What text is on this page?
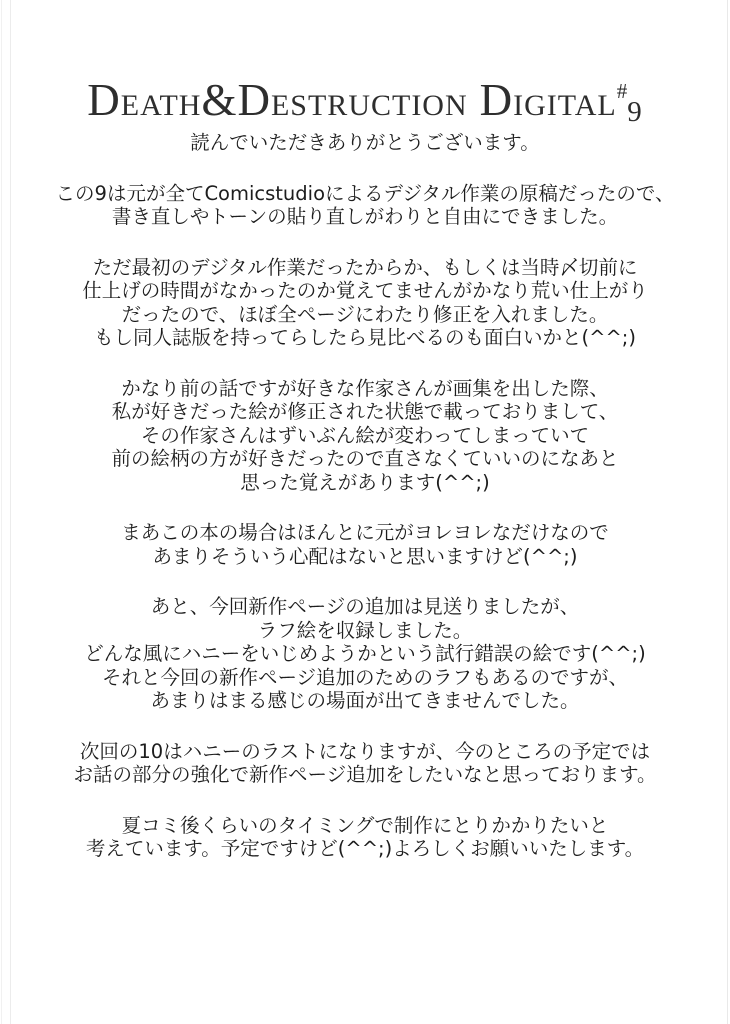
DEATH&DESTRUCTION DIGITAL#9
読んでいただきありがとうございます。
この9は元が全てComicstudioによるデジタル作業の原稿だったので、
書き直しやトーンの貼り直しがわりと自由にできました。
ただ最初のデジタル作業だったからか、もしくは当時〆切前に
仕上げの時間がなかったのか覚えてませんがかなり荒い仕上がり
だったので、ほぼ全ページにわたり修正を入れました。
もし同人誌版を持ってらしたら見比べるのも面白いかと(^^;)
かなり前の話ですが好きな作家さんが画集を出した際、
私が好きだった絵が修正された状態で載っておりまして、
その作家さんはずいぶん絵が変わってしまっていて
前の絵柄の方が好きだったので直さなくていいのになあと
思った覚えがあります(^^;)
まあこの本の場合はほんとに元がヨレヨレなだけなので
あまりそういう心配はないと思いますけど(^^;)
あと、今回新作ページの追加は見送りましたが、
ラフ絵を収録しました。
どんな風にハニーをいじめようかという試行錯誤の絵です(^^;)
それと今回の新作ページ追加のためのラフもあるのですが、
あまりはまる感じの場面が出てきませんでした。
次回の10はハニーのラストになりますが、今のところの予定では
お話の部分の強化で新作ページ追加をしたいなと思っております。
夏コミ後くらいのタイミングで制作にとりかかりたいと
考えています。予定ですけど(^^;)よろしくお願いいたします。
